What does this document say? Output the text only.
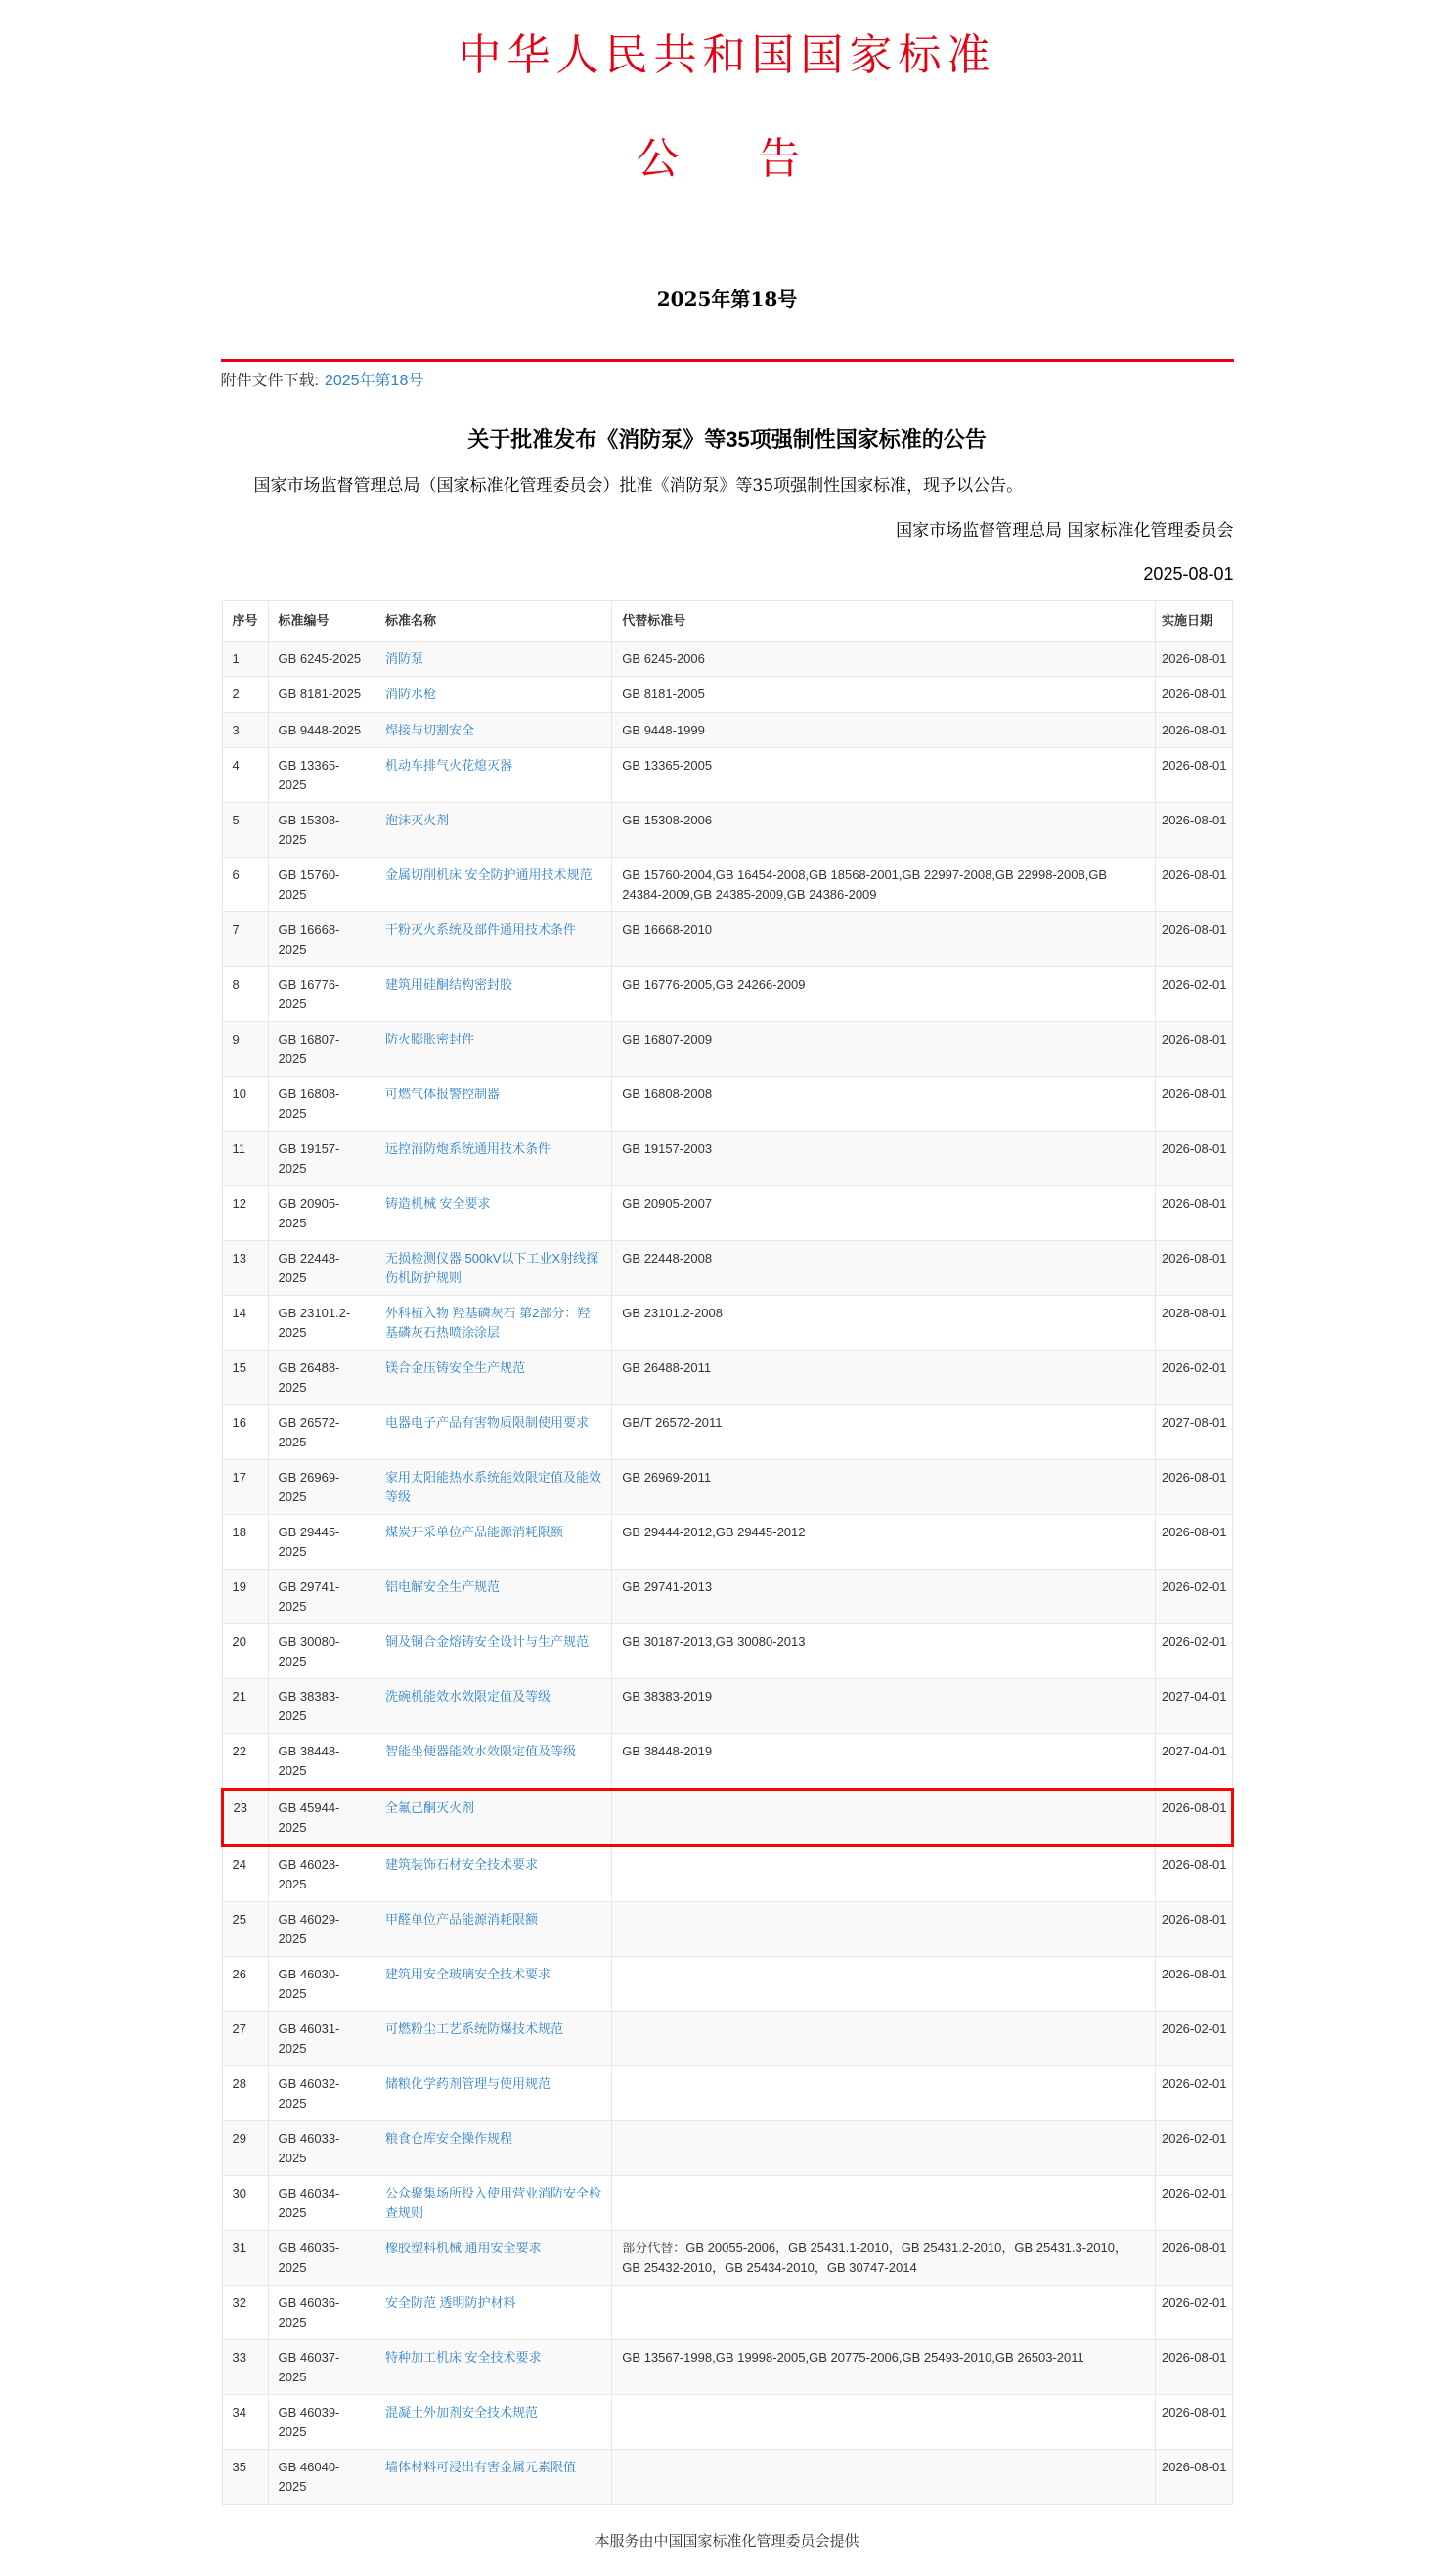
中华人民共和国国家标准
公　告
2025年第18号
附件文件下载: 2025年第18号
关于批准发布《消防泵》等35项强制性国家标准的公告

国家市场监督管理总局（国家标准化管理委员会）批准《消防泵》等35项强制性国家标准，现予以公告。

国家市场监督管理总局 国家标准化管理委员会
2025-08-01
序号	标准编号	标准名称	代替标准号	实施日期
1	GB 6245-2025	消防泵	GB 6245-2006	2026-08-01
2	GB 8181-2025	消防水枪	GB 8181-2005	2026-08-01
3	GB 9448-2025	焊接与切割安全	GB 9448-1999	2026-08-01
4	GB 13365-2025	机动车排气火花熄灭器	GB 13365-2005	2026-08-01
5	GB 15308-2025	泡沫灭火剂	GB 15308-2006	2026-08-01
6	GB 15760-2025	金属切削机床 安全防护通用技术规范	GB 15760-2004,GB 16454-2008,GB 18568-2001,GB 22997-2008,GB 22998-2008,GB 24384-2009,GB 24385-2009,GB 24386-2009	2026-08-01
7	GB 16668-2025	干粉灭火系统及部件通用技术条件	GB 16668-2010	2026-08-01
8	GB 16776-2025	建筑用硅酮结构密封胶	GB 16776-2005,GB 24266-2009	2026-02-01
9	GB 16807-2025	防火膨胀密封件	GB 16807-2009	2026-08-01
10	GB 16808-2025	可燃气体报警控制器	GB 16808-2008	2026-08-01
11	GB 19157-2025	远控消防炮系统通用技术条件	GB 19157-2003	2026-08-01
12	GB 20905-2025	铸造机械 安全要求	GB 20905-2007	2026-08-01
13	GB 22448-2025	无损检测仪器 500kV以下工业X射线探伤机防护规则	GB 22448-2008	2026-08-01
14	GB 23101.2-2025	外科植入物 羟基磷灰石 第2部分：羟基磷灰石热喷涂涂层	GB 23101.2-2008	2028-08-01
15	GB 26488-2025	镁合金压铸安全生产规范	GB 26488-2011	2026-02-01
16	GB 26572-2025	电器电子产品有害物质限制使用要求	GB/T 26572-2011	2027-08-01
17	GB 26969-2025	家用太阳能热水系统能效限定值及能效等级	GB 26969-2011	2026-08-01
18	GB 29445-2025	煤炭开采单位产品能源消耗限额	GB 29444-2012,GB 29445-2012	2026-08-01
19	GB 29741-2025	铝电解安全生产规范	GB 29741-2013	2026-02-01
20	GB 30080-2025	铜及铜合金熔铸安全设计与生产规范	GB 30187-2013,GB 30080-2013	2026-02-01
21	GB 38383-2025	洗碗机能效水效限定值及等级	GB 38383-2019	2027-04-01
22	GB 38448-2025	智能坐便器能效水效限定值及等级	GB 38448-2019	2027-04-01
23	GB 45944-2025	全氟己酮灭火剂		2026-08-01
24	GB 46028-2025	建筑装饰石材安全技术要求		2026-08-01
25	GB 46029-2025	甲醛单位产品能源消耗限额		2026-08-01
26	GB 46030-2025	建筑用安全玻璃安全技术要求		2026-08-01
27	GB 46031-2025	可燃粉尘工艺系统防爆技术规范		2026-02-01
28	GB 46032-2025	储粮化学药剂管理与使用规范		2026-02-01
29	GB 46033-2025	粮食仓库安全操作规程		2026-02-01
30	GB 46034-2025	公众聚集场所投入使用营业消防安全检查规则		2026-02-01
31	GB 46035-2025	橡胶塑料机械 通用安全要求	部分代替：GB 20055-2006，GB 25431.1-2010，GB 25431.2-2010，GB 25431.3-2010，GB 25432-2010，GB 25434-2010，GB 30747-2014	2026-08-01
32	GB 46036-2025	安全防范 透明防护材料		2026-02-01
33	GB 46037-2025	特种加工机床 安全技术要求	GB 13567-1998,GB 19998-2005,GB 20775-2006,GB 25493-2010,GB 26503-2011	2026-08-01
34	GB 46039-2025	混凝土外加剂安全技术规范		2026-08-01
35	GB 46040-2025	墙体材料可浸出有害金属元素限值		2026-08-01
本服务由中国国家标准化管理委员会提供
